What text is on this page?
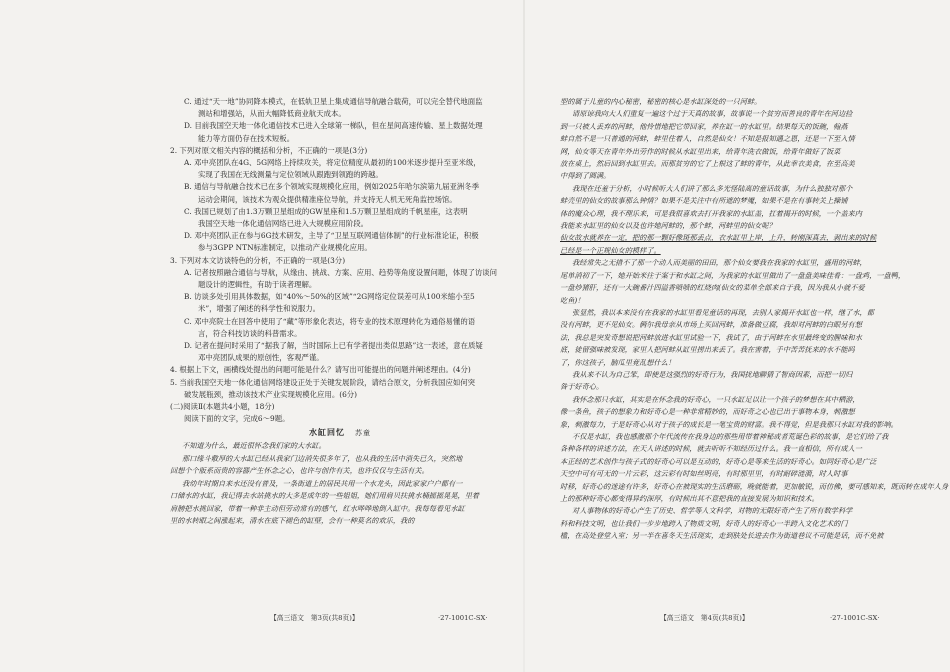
C. 通过“天一地”协同降本模式，在低轨卫星上集成通信导航融合载荷，可以完全替代地面监
测站和增强站，从而大幅降低商业航天成本。
D. 目前我国空天地一体化通信技术已进入全球第一梯队，但在星间高速传输、星上数据处理
能力等方面仍存在技术短板。
2. 下列对原文相关内容的概括和分析，不正确的一项是(3分)
A. 邓中亮团队在4G、5G网络上持续攻关，将定位精度从最初的100米逐步提升至亚米级，
实现了我国在无线测量与定位领域从跟跑到领跑的跨越。
B. 通信与导航融合技术已在多个领域实现规模化应用，例如2025年哈尔滨第九届亚洲冬季
运动会期间，该技术为观众提供精准座位导航，并支持无人机无死角监控场馆。
C. 我国已规划了由1.3万颗卫星组成的GW星座和1.5万颗卫星组成的千帆星座，这表明
我国空天地一体化通信网络已进入大规模应用阶段。
D. 邓中亮团队正在参与6G技术研发，主导了“卫星互联网通信体制”的行业标准论证，积极
参与3GPP NTN标准制定，以推动产业规模化应用。
3. 下列对本文访谈特色的分析，不正确的一项是(3分)
A. 记者按照融合通信与导航，从缘由、挑战、方案、应用、趋势等角度设置问题，体现了访谈问
题设计的逻辑性，有助于读者理解。
B. 访谈多处引用具体数据，如“40%～50%的区域”“2G网络定位误差可从100米缩小至5
米”，增强了阐述的科学性和说服力。
C. 邓中亮院士在回答中使用了“藏”等形象化表达，将专业的技术原理转化为通俗易懂的语
言，符合科技访谈的科普需求。
D. 记者在提问时采用了“据我了解，当时国际上已有学者提出类似思路”这一表述，意在质疑
邓中亮团队成果的原创性，客观严谨。
4. 根据上下文，画横线处提出的问题可能是什么？请写出可能提出的问题并阐述理由。(4分)
5. 当前我国空天地一体化通信网络建设正处于关键发展阶段，请结合原文，分析我国应如何突
破发展瓶颈，推动该技术产业实现规模化应用。(6分)
(二)阅读Ⅱ(本题共4小题，18分)
阅读下面的文字，完成6～9题。
水缸回忆 苏童
不知道为什么，最近很怀念我们家的大水缸。
那口缘斗敷厚的大水缸已经从我家门边消失很多年了，也从我的生活中消失已久，突然地
回想个个版系而贵的容器产生怀念之心，也许与创作有关，也许仅仅与生活有关。
我幼年时期自来水还没有普及，一条街道上的居民共用一个水龙头，因此家家户户都有一
口储水的水缸，我记得去水站挑水的大多是成年的一些姐姐，她们用肩贝扶挑水桶摇摇晃晃，里着
肩膀把水挑回家，带着一种非主动但劳动常有的感气，红水哗哗地倒入缸中。我每每看见水缸
里的水转眼之间涨起来，清水在底下褪色的缸壁，会有一种莫名的欢乐，我的
型的属于儿童的内心秘密，秘密的核心是水缸深处的一只河蚌。
请原谅我向大人们重复一遍这个过于天真的故事，故事说一个贫穷而善良的青年在河边捡
到一只被人丢弃的河蚌，他怜惜地把它带回家，养在缸一的水缸里。结果每天的饭碗，翰燕
蚌自然不是一只普通的河蚌，蚌里住着人，自然是仙女！不知是报知遇之恩，还是一下至入情
网，仙女等天在青年外出劳作的时候从水缸里出来，给青年洗衣做饭，给青年做好了饭菜
放在桌上，然后回到水缸里去。而那贫穷的它了上根这了蚌的青年，从此幸衣美食，在至高美
中得到了圆满。
我现在还羞于分析，小时候听大人们讲了那么多光怪陆离的童话故事，为什么独独对那个
蚌壳里的仙女的故事那么钟情？如果不是关注中有所遮的梦魇，如果不是在有事转关上操铺
体的魔众心理，我不理乐来，可是我很喜欢去打开我家的水缸盖，扛着揭开的时候，一个盖来内
我能来水缸里的仙女以及也许她河蚌的，那个蚌，河蚌里的仙女呢？
仙女故水就养在一定，把的那一颗好像斑那丢点，衣水缸里上岸，上升，转刚深真去，剥出来的时候
已经是一个正规仙女的模样了。
我经常失之无措不了那一个动人而美丽的田田，那个仙女要我在我家的水缸里，盛用的河蚌，
尾单消初了一下，她开始米往于案于和水缸之间，为我家的水缸里做出了一盘盘美味佳肴：一盘鸡，一盘鸭，
一盘炒猪肝，还有一大碗番汁四溢香喷喷的红烧肉(仙女的菜单全部来自于我，因为我从小就不爱
吃鱼)！
张显然，我以本来没有在我家的水缸里看见童话的再现，去别人家揭开水缸也一样，继了水，都
没有河蚌，更不见仙女。俩尔我母亲从市场上买回河蚌，准备做豆腐，我却对河蚌的白眼另有想
法，我总是突发奇想说把河蚌放进水缸里试验一下，我试了，由于河蚌在水里最终变的腥味和水
底，徒留强味被发现，家里人把河蚌从缸里捞出来丢了。我在害着，手中苦苦抚来的水不能吗
了，你这孩子，脑瓜里竟乱想什么！
我从来不认为自己笨，即使是这强烈的好奇行为，我国扰地聊猜了智商因素，而把一切归
咎于好奇心。
我怀念那只水缸，其实是在怀念我的好奇心，一只水缸足以让一个孩子的梦想在其中栖游，
像一条鱼，孩子的想象力和好奇心是一种非常精妙的，而好奇之心也已出于事物本身，刺激想
象，刺激每力，于是好奇心从对于孩子的成长是一笔宝贵的财富。我不得觉，但是我那只水缸对我的影响。
不仅是水缸，我也感激那个年代流传在我身边的那些用带着神秘或者荒诞色彩的故事，是它们给了我
各种各样的讲述方法，在天人讲述的时候，就去听听不知经历过什么。我一直相信，所有成人一
本正经的艺术创作与孩子式的好奇心可以是互动的，好奇心是等来生活的好奇心。如同好奇心是广泛
天空中可有可无的一片云彩，这云彩有时如丝明亮，有时那里里，有时耐碎涟漪，时人时事
时移，好奇心的迷途有许多，好奇心在被现实的生活磨砺，晚就能着，更加敏锐，而仿佛，要可感知来，既而转在成年人身
上的那种好奇心都变得异约深厚，有时候出其不意把我的直接发展为知识和技术。
对人事物体的好奇心产生了历史、哲学等人文科学，对物的无限好奇产生了所有数学科学
科和科技文明，也让我们一步步地跨入了物质文明，好奇人的好奇心一半跨入文化艺术的门
槛，在高处登堂入室；另一半在喜冬天生活现实，走到肤处长进去作为街道巷议不可能是话，而不免被
【高三语文　第3页(共8页)】	·27-1001C-SX·	【高三语文　第4页(共8页)】	·27-1001C-SX·
